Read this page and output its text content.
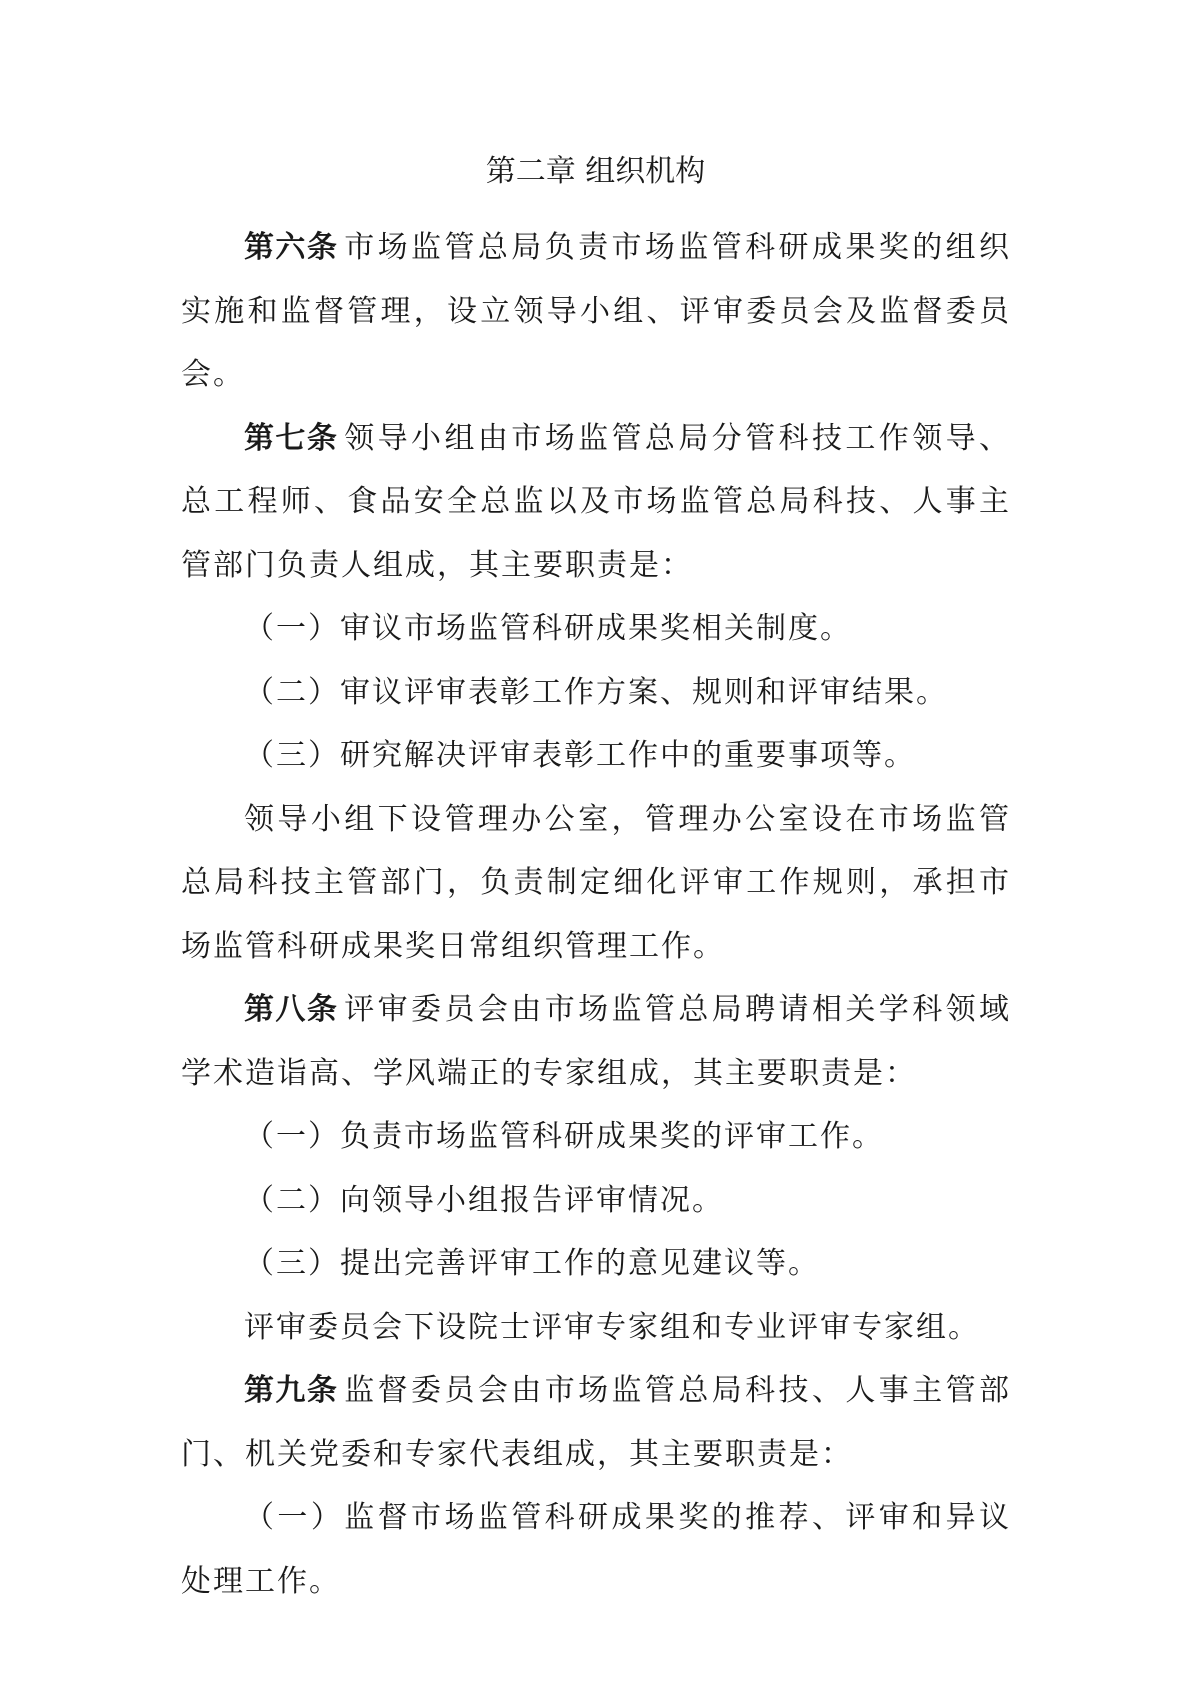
第二章 组织机构

第六条 市场监管总局负责市场监管科研成果奖的组织实施和监督管理，设立领导小组、评审委员会及监督委员会。

第七条 领导小组由市场监管总局分管科技工作领导、总工程师、食品安全总监以及市场监管总局科技、人事主管部门负责人组成，其主要职责是：

（一）审议市场监管科研成果奖相关制度。

（二）审议评审表彰工作方案、规则和评审结果。

（三）研究解决评审表彰工作中的重要事项等。

领导小组下设管理办公室，管理办公室设在市场监管总局科技主管部门，负责制定细化评审工作规则，承担市场监管科研成果奖日常组织管理工作。

第八条 评审委员会由市场监管总局聘请相关学科领域学术造诣高、学风端正的专家组成，其主要职责是：

（一）负责市场监管科研成果奖的评审工作。

（二）向领导小组报告评审情况。

（三）提出完善评审工作的意见建议等。

评审委员会下设院士评审专家组和专业评审专家组。

第九条 监督委员会由市场监管总局科技、人事主管部门、机关党委和专家代表组成，其主要职责是：

（一）监督市场监管科研成果奖的推荐、评审和异议处理工作。
